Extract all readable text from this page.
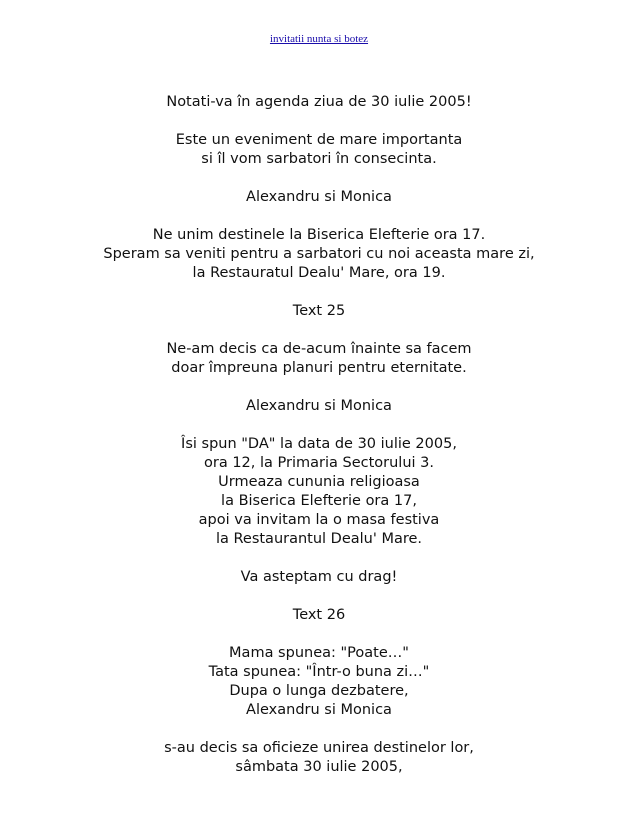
invitatii nunta si botez
Notati-va în agenda ziua de 30 iulie 2005!
Este un eveniment de mare importanta
si îl vom sarbatori în consecinta.
Alexandru si Monica
Ne unim destinele la Biserica Elefterie ora 17.
Speram sa veniti pentru a sarbatori cu noi aceasta mare zi,
la Restauratul Dealu' Mare, ora 19.
Text 25
Ne-am decis ca de-acum înainte sa facem
doar împreuna planuri pentru eternitate.
Alexandru si Monica
Îsi spun "DA" la data de 30 iulie 2005,
ora 12, la Primaria Sectorului 3.
Urmeaza cununia religioasa
la Biserica Elefterie ora 17,
apoi va invitam la o masa festiva
la Restaurantul Dealu' Mare.
Va asteptam cu drag!
Text 26
Mama spunea: "Poate…"
Tata spunea: "Într-o buna zi…"
Dupa o lunga dezbatere,
Alexandru si Monica
s-au decis sa oficieze unirea destinelor lor,
sâmbata 30 iulie 2005,
